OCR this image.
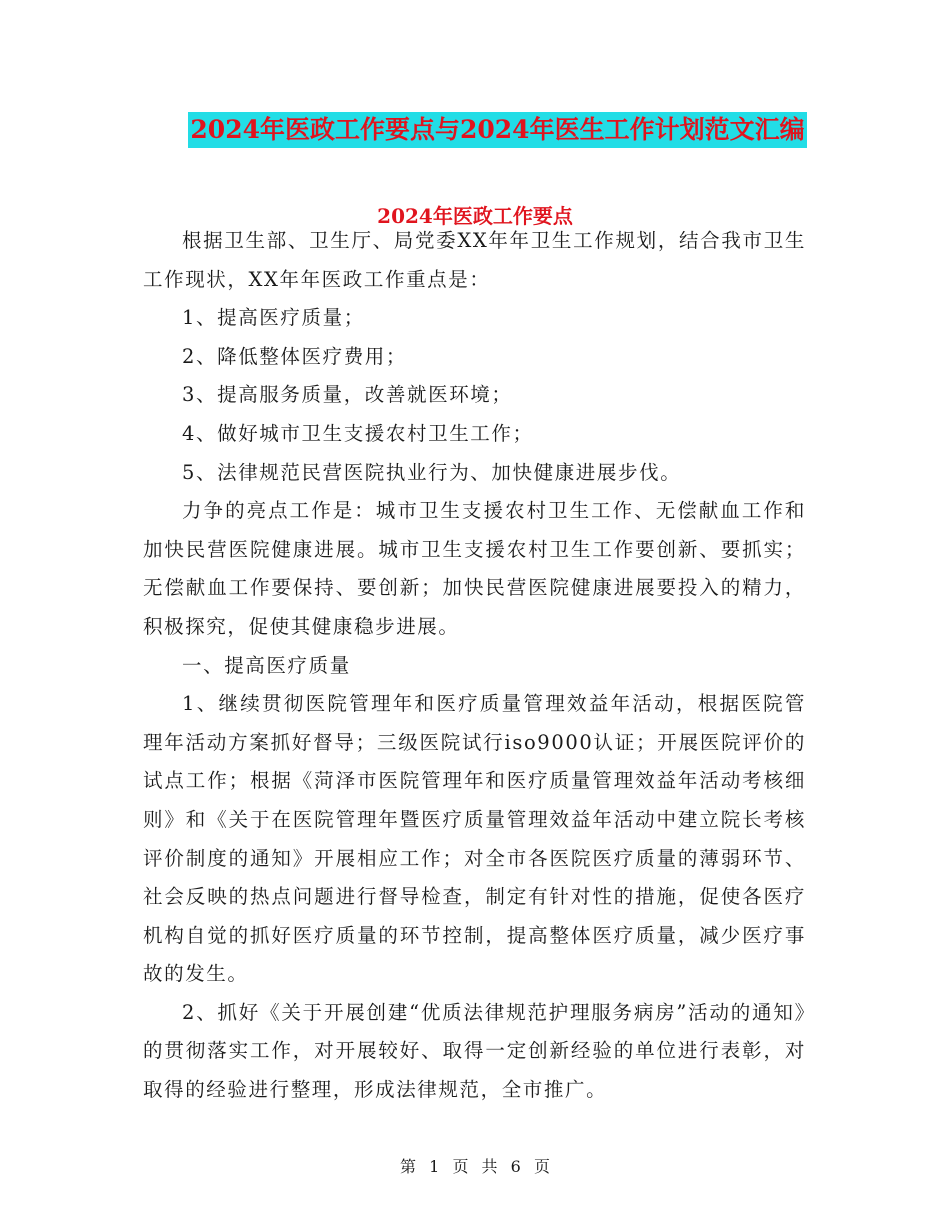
2024年医政工作要点与2024年医生工作计划范文汇编
2024年医政工作要点

根据卫生部、卫生厅、局党委XX年年卫生工作规划，结合我市卫生工作现状，XX年年医政工作重点是：

1、提高医疗质量；

2、降低整体医疗费用；

3、提高服务质量，改善就医环境；

4、做好城市卫生支援农村卫生工作；

5、法律规范民营医院执业行为、加快健康进展步伐。

力争的亮点工作是：城市卫生支援农村卫生工作、无偿献血工作和加快民营医院健康进展。城市卫生支援农村卫生工作要创新、要抓实；无偿献血工作要保持、要创新；加快民营医院健康进展要投入的精力，积极探究，促使其健康稳步进展。

一、提高医疗质量

1、继续贯彻医院管理年和医疗质量管理效益年活动，根据医院管理年活动方案抓好督导；三级医院试行iso9000认证；开展医院评价的试点工作；根据《菏泽市医院管理年和医疗质量管理效益年活动考核细则》和《关于在医院管理年暨医疗质量管理效益年活动中建立院长考核评价制度的通知》开展相应工作；对全市各医院医疗质量的薄弱环节、社会反映的热点问题进行督导检查，制定有针对性的措施，促使各医疗机构自觉的抓好医疗质量的环节控制，提高整体医疗质量，减少医疗事故的发生。

2、抓好《关于开展创建“优质法律规范护理服务病房”活动的通知》的贯彻落实工作，对开展较好、取得一定创新经验的单位进行表彰，对取得的经验进行整理，形成法律规范，全市推广。

第 1 页 共 6 页
